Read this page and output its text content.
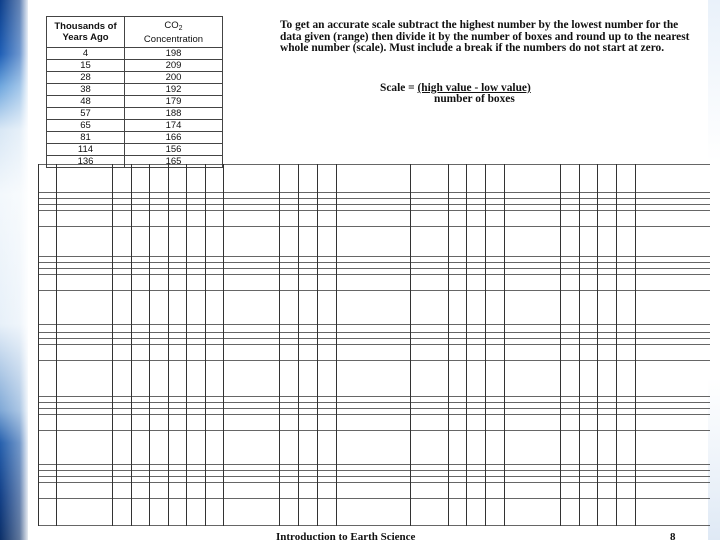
Thousands of Years Ago	$CO_2$
Concentration
4	198
15	209
28	200
38	192
48	179
57	188
65	174
81	166
114	156
136	165
To get an accurate scale subtract the highest number by the lowest number for the data given (range) then divide it by the number of boxes and round up to the nearest whole number (scale). Must include a break if the numbers do not start at zero.
Scale = (high value - low value)
number of boxes
Introduction to Earth Science	8
